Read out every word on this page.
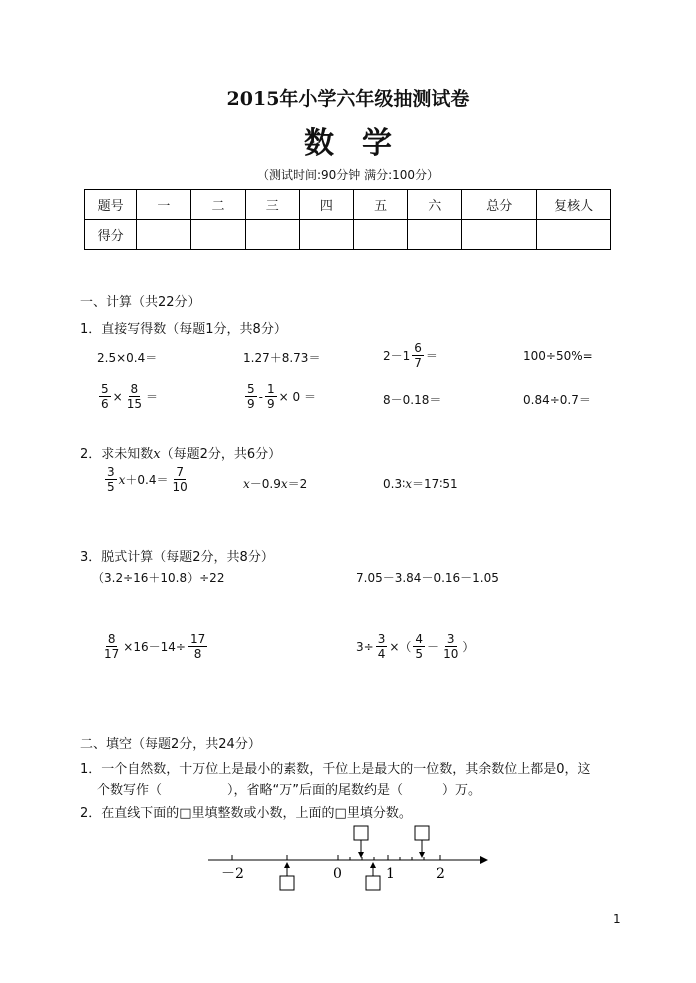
2015年小学六年级抽测试卷
数学
（测试时间:90分钟 满分:100分）
题号	一	二	三	四	五	六	总分	复核人
得分								
一、计算（共22分）
1．直接写得数（每题1分，共8分）
2.5×0.4＝	1.27＋8.73＝	$2-1 \frac{6}{7}$ ＝	100÷50%=
$\frac{5}{6} \times \frac{8}{15}$ ＝	$\frac{5}{9} - \frac{1}{9} \times 0$ ＝	8－0.18＝	0.84÷0.7＝
2．求未知数x（每题2分，共6分）
$\frac{3}{5}$ $x +0.4= \frac{7}{10}$	x－0.9x＝2	0.3∶x＝17∶51
3．脱式计算（每题2分，共8分）
（3.2÷16＋10.8）÷22	7.05－3.84－0.16－1.05
$\frac{8}{17} \times 16-14\div \frac{17}{8}$	$3\div \frac{3}{4}$ ×（ $\frac{4}{5} - \frac{3}{10}$ ）
二、填空（每题2分，共24分）
1．一个自然数，十万位上是最小的素数，千位上是最大的一位数，其余数位上都是0，这
个数写作（　　　　　），省略“万”后面的尾数约是（　　　）万。
2．在直线下面的□里填整数或小数，上面的□里填分数。
－2	0	1	2
1
